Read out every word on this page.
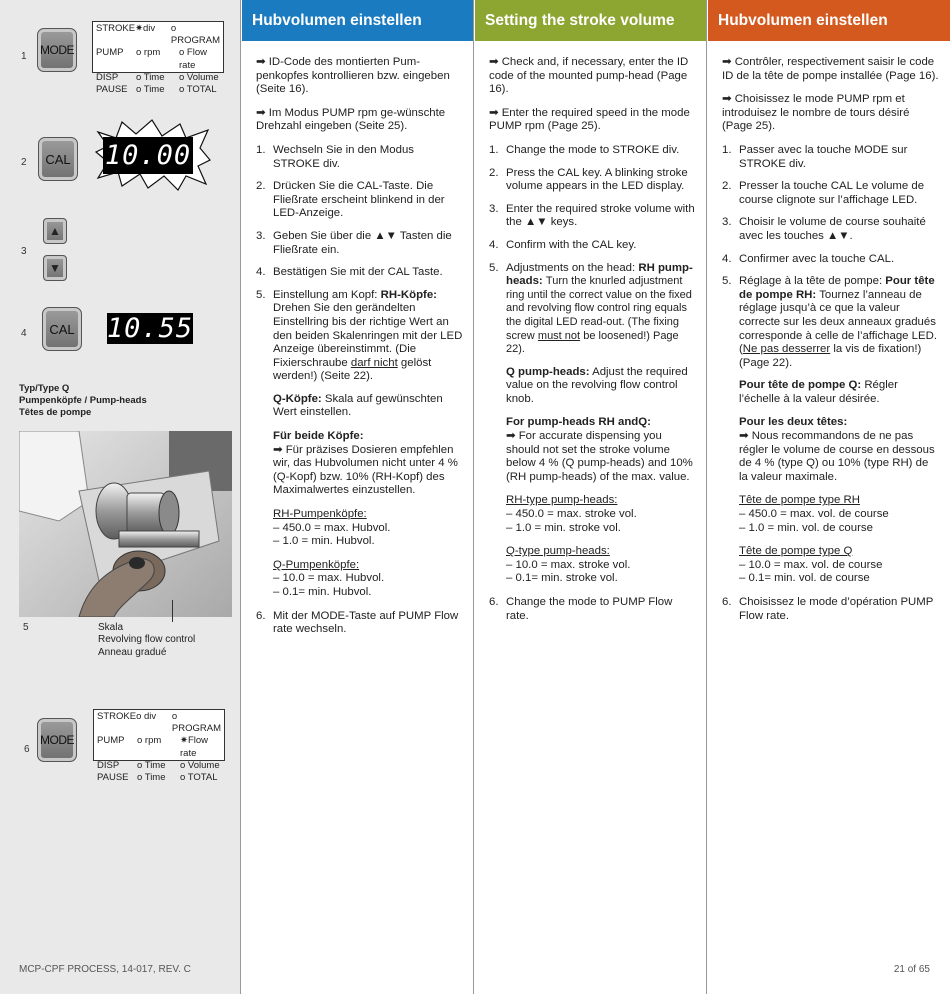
1 MODE
STROKE ✷div	o PROGRAM
PUMP	o rpm	o Flow rate
DISP	o Time	o Volume
PAUSE o Time	o TOTAL
2	CAL 10.00
3
▲
▼
4	CAL 10.55
Typ/Type Q
Pumpenköpfe / Pump-heads
Têtes de pompe
5	Skala
Revolving flow control
Anneau gradué
6
MODE
STROKE o div	o PROGRAM
PUMP	o rpm	✷Flow rate
DISP	o Time	o Volume
PAUSE o Time	o TOTAL
MCP-CPF PROCESS, 14-017, REV. C
Hubvolumen einstellen

➡ ID-Code des montierten Pum-penkopfes kontrollieren bzw. eingeben (Seite 16).

➡ Im Modus PUMP rpm ge-wünschte Drehzahl eingeben (Seite 25).

1. Wechseln Sie in den Modus STROKE div.
2. Drücken Sie die CAL-Taste. Die Fließrate erscheint blinkend in der LED-Anzeige.
3. Geben Sie über die ▲▼ Tasten die Fließrate ein.
4. Bestätigen Sie mit der CAL Taste.
5. Einstellung am Kopf: RH-Köpfe: Drehen Sie den gerändelten Einstellring bis der richtige Wert an den beiden Skalenringen mit der LED Anzeige übereinstimmt. (Die Fixierschraube darf nicht gelöst werden!) (Seite 22).

Q-Köpfe: Skala auf gewünschten Wert einstellen.

Für beide Köpfe:

➡ Für präzises Dosieren empfehlen wir, das Hubvolumen nicht unter 4 % (Q-Kopf) bzw. 10% (RH-Kopf) des Maximalwertes einzustellen.

RH-Pumpenköpfe:
– 450.0 = max. Hubvol.
– 1.0 = min. Hubvol.

Q-Pumpenköpfe:
– 10.0 = max. Hubvol.
– 0.1= min. Hubvol.

6. Mit der MODE-Taste auf PUMP Flow rate wechseln.
Setting the stroke volume

➡ Check and, if necessary, enter the ID code of the mounted pump-head (Page 16).

➡ Enter the required speed in the mode PUMP rpm (Page 25).

1. Change the mode to STROKE div.
2. Press the CAL key. A blinking stroke volume appears in the LED display.
3. Enter the required stroke volume with the ▲▼ keys.
4. Confirm with the CAL key.
5. Adjustments on the head: RH pump-heads: Turn the knurled adjustment ring until the correct value on the fixed and revolving flow control ring equals the digital LED read-out. (The fixing screw must not be loosened!) Page 22).

Q pump-heads: Adjust the required value on the revolving flow control knob.

For pump-heads RH andQ:

➡ For accurate dispensing you should not set the stroke volume below 4 % (Q pump-heads) and 10% (RH pump-heads) of the max. value.

RH-type pump-heads:
– 450.0 = max. stroke vol.
– 1.0 = min. stroke vol.

Q-type pump-heads:
– 10.0 = max. stroke vol.
– 0.1= min. stroke vol.

6. Change the mode to PUMP Flow rate.
Hubvolumen einstellen

➡ Contrôler, respectivement saisir le code ID de la tête de pompe installée (Page 16).

➡ Choisissez le mode PUMP rpm et introduisez le nombre de tours désiré (Page 25).

1. Passer avec la touche MODE sur STROKE div.
2. Presser la touche CAL Le volume de course clignote sur l’affichage LED.
3. Choisir le volume de course souhaité avec les touches ▲▼.
4. Confirmer avec la touche CAL.
5. Réglage à la tête de pompe: Pour tête de pompe RH: Tournez l’anneau de réglage jusqu’à ce que la valeur correcte sur les deux anneaux gradués corresponde à celle de l’affichage LED. (Ne pas desserrer la vis de fixation!) (Page 22).

Pour tête de pompe Q: Régler l’échelle à la valeur désirée.

Pour les deux têtes:

➡ Nous recommandons de ne pas régler le volume de course en dessous de 4 % (type Q) ou 10% (type RH) de la valeur maximale.

Tête de pompe type RH
– 450.0 = max. vol. de course
– 1.0 = min. vol. de course

Tête de pompe type Q
– 10.0 = max. vol. de course
– 0.1= min. vol. de course

6. Choisissez le mode d’opération PUMP Flow rate.
21 of 65
